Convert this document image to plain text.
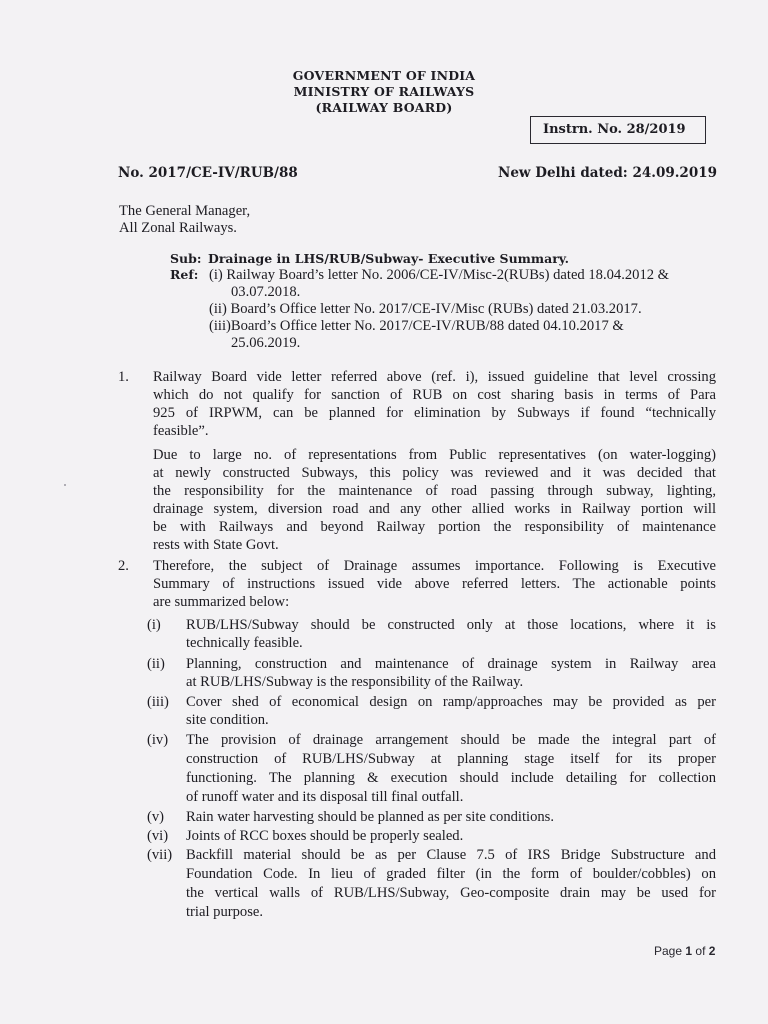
GOVERNMENT OF INDIA
MINISTRY OF RAILWAYS
(RAILWAY BOARD)
Instrn. No. 28/2019
No. 2017/CE-IV/RUB/88	New Delhi dated: 24.09.2019
The General Manager,
All Zonal Railways.
Sub: Drainage in LHS/RUB/Subway- Executive Summary.
Ref: (i) Railway Board’s letter No. 2006/CE-IV/Misc-2(RUBs) dated 18.04.2012 &
03.07.2018.
(ii) Board’s Office letter No. 2017/CE-IV/Misc (RUBs) dated 21.03.2017.
(iii)Board’s Office letter No. 2017/CE-IV/RUB/88 dated 04.10.2017 &
25.06.2019.
1. Railway Board vide letter referred above (ref. i), issued guideline that level crossing
which do not qualify for sanction of RUB on cost sharing basis in terms of Para
925 of IRPWM, can be planned for elimination by Subways if found “technically
feasible”.
Due to large no. of representations from Public representatives (on water-logging)
at newly constructed Subways, this policy was reviewed and it was decided that
the responsibility for the maintenance of road passing through subway, lighting,
drainage system, diversion road and any other allied works in Railway portion will
be with Railways and beyond Railway portion the responsibility of maintenance
rests with State Govt.
2. Therefore, the subject of Drainage assumes importance. Following is Executive
Summary of instructions issued vide above referred letters. The actionable points
are summarized below:
(i) RUB/LHS/Subway should be constructed only at those locations, where it is
technically feasible.
(ii) Planning, construction and maintenance of drainage system in Railway area
at RUB/LHS/Subway is the responsibility of the Railway.
(iii) Cover shed of economical design on ramp/approaches may be provided as per
site condition.
(iv) The provision of drainage arrangement should be made the integral part of
construction of RUB/LHS/Subway at planning stage itself for its proper
functioning. The planning & execution should include detailing for collection
of runoff water and its disposal till final outfall.
(v) Rain water harvesting should be planned as per site conditions.
(vi) Joints of RCC boxes should be properly sealed.
(vii) Backfill material should be as per Clause 7.5 of IRS Bridge Substructure and
Foundation Code. In lieu of graded filter (in the form of boulder/cobbles) on
the vertical walls of RUB/LHS/Subway, Geo-composite drain may be used for
trial purpose.
Page 1 of 2
